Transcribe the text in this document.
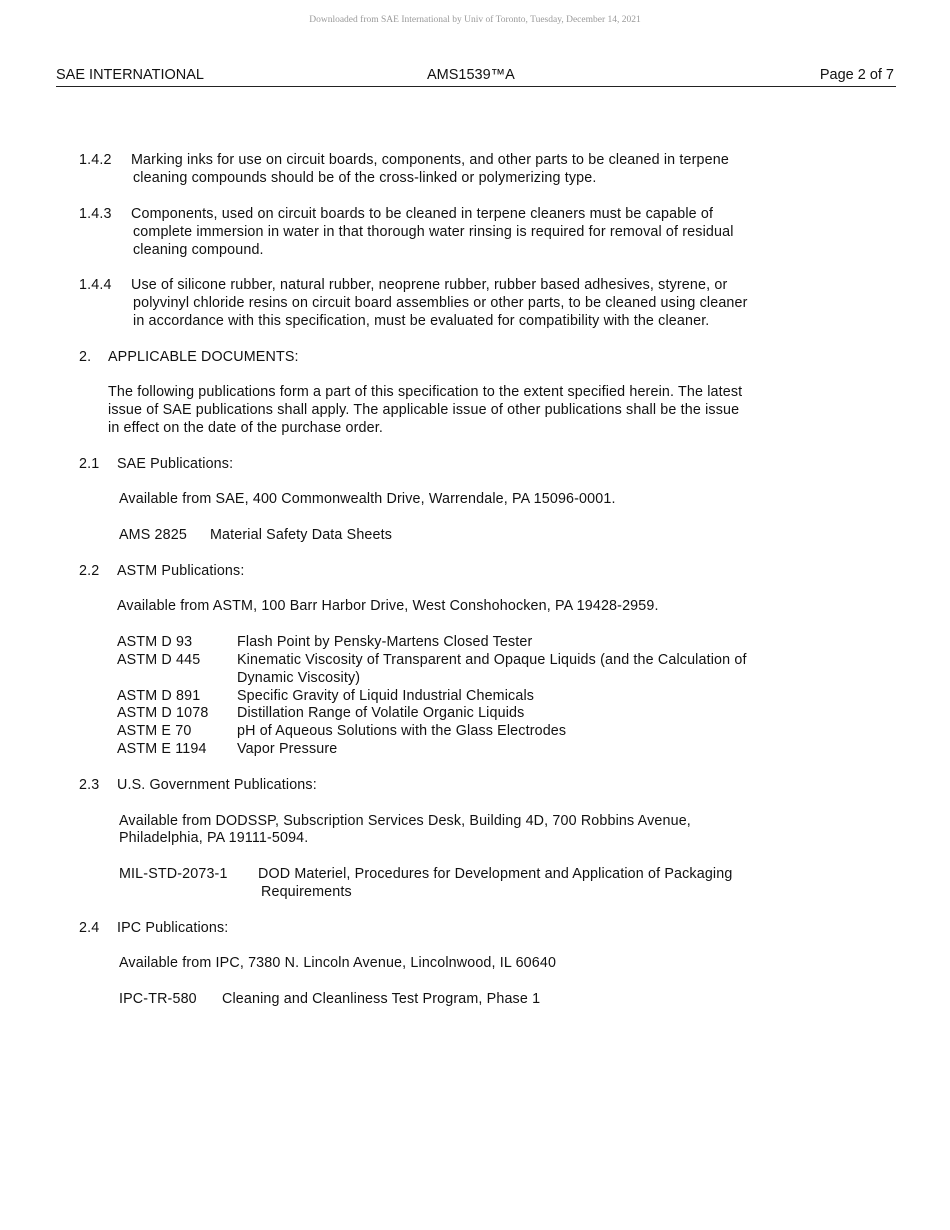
Downloaded from SAE International by Univ of Toronto, Tuesday, December 14, 2021
SAE INTERNATIONAL	AMS1539™A	Page 2 of 7
1.4.2 Marking inks for use on circuit boards, components, and other parts to be cleaned in terpene
cleaning compounds should be of the cross-linked or polymerizing type.
1.4.3 Components, used on circuit boards to be cleaned in terpene cleaners must be capable of
complete immersion in water in that thorough water rinsing is required for removal of residual
cleaning compound.
1.4.4 Use of silicone rubber, natural rubber, neoprene rubber, rubber based adhesives, styrene, or
polyvinyl chloride resins on circuit board assemblies or other parts, to be cleaned using cleaner
in accordance with this specification, must be evaluated for compatibility with the cleaner.
2. APPLICABLE DOCUMENTS:
The following publications form a part of this specification to the extent specified herein. The latest
issue of SAE publications shall apply. The applicable issue of other publications shall be the issue
in effect on the date of the purchase order.
2.1 SAE Publications:
Available from SAE, 400 Commonwealth Drive, Warrendale, PA 15096-0001.
AMS 2825 Material Safety Data Sheets
2.2 ASTM Publications:
Available from ASTM, 100 Barr Harbor Drive, West Conshohocken, PA 19428-2959.
ASTM D 93	Flash Point by Pensky-Martens Closed Tester
ASTM D 445	Kinematic Viscosity of Transparent and Opaque Liquids (and the Calculation of
Dynamic Viscosity)
ASTM D 891	Specific Gravity of Liquid Industrial Chemicals
ASTM D 1078 Distillation Range of Volatile Organic Liquids
ASTM E 70	pH of Aqueous Solutions with the Glass Electrodes
ASTM E 1194 Vapor Pressure
2.3 U.S. Government Publications:
Available from DODSSP, Subscription Services Desk, Building 4D, 700 Robbins Avenue,
Philadelphia, PA 19111-5094.
MIL-STD-2073-1 DOD Materiel, Procedures for Development and Application of Packaging
Requirements
2.4 IPC Publications:
Available from IPC, 7380 N. Lincoln Avenue, Lincolnwood, IL 60640
IPC-TR-580 Cleaning and Cleanliness Test Program, Phase 1
